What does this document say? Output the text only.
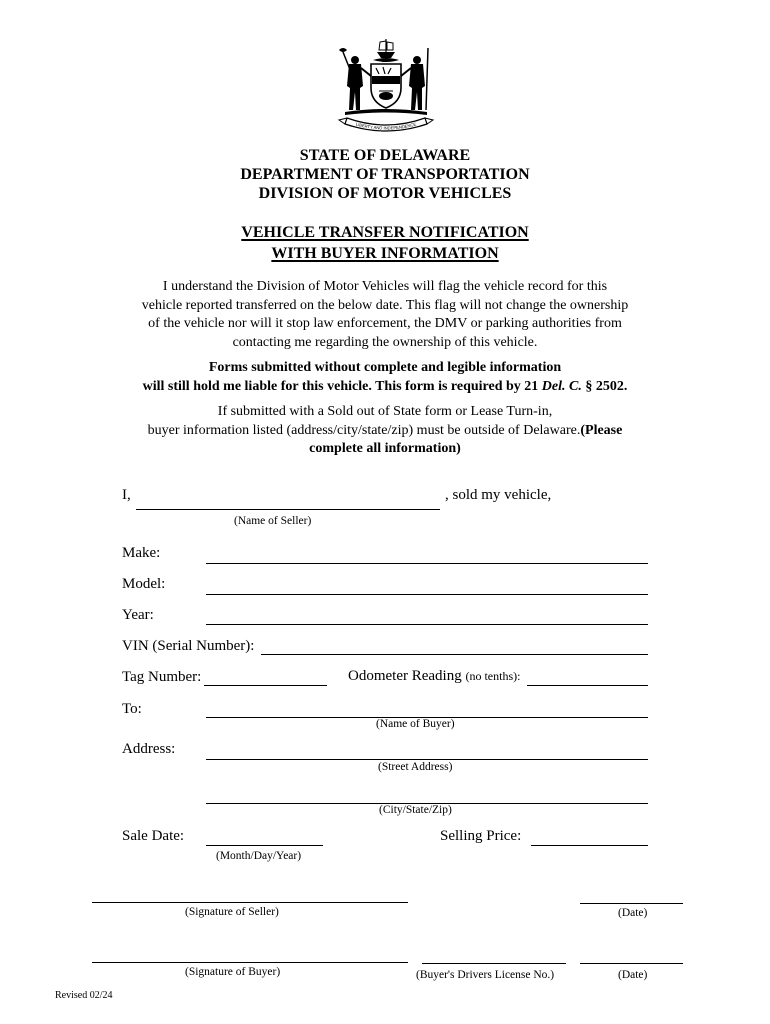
LIBERTY AND INDEPENDENCE
STATE OF DELAWARE
DEPARTMENT OF TRANSPORTATION
DIVISION OF MOTOR VEHICLES
VEHICLE TRANSFER NOTIFICATION
WITH BUYER INFORMATION
I understand the Division of Motor Vehicles will flag the vehicle record for this
vehicle reported transferred on the below date. This flag will not change the ownership
of the vehicle nor will it stop law enforcement, the DMV or parking authorities from
contacting me regarding the ownership of this vehicle.
Forms submitted without complete and legible information
will still hold me liable for this vehicle. This form is required by 21 Del. C. § 2502.
If submitted with a Sold out of State form or Lease Turn-in,
buyer information listed (address/city/state/zip) must be outside of Delaware.(Please
complete all information)
I,	, sold my vehicle,
(Name of Seller)
Make:
Model:
Year:
VIN (Serial Number):
Tag Number:	Odometer Reading (no tenths):
To:
(Name of Buyer)
Address:
(Street Address)
(City/State/Zip)
Sale Date:
(Month/Day/Year)
Selling Price:
(Signature of Seller)	(Date)
(Signature of Buyer)	(Buyer's Drivers License No.)	(Date)
Revised 02/24
